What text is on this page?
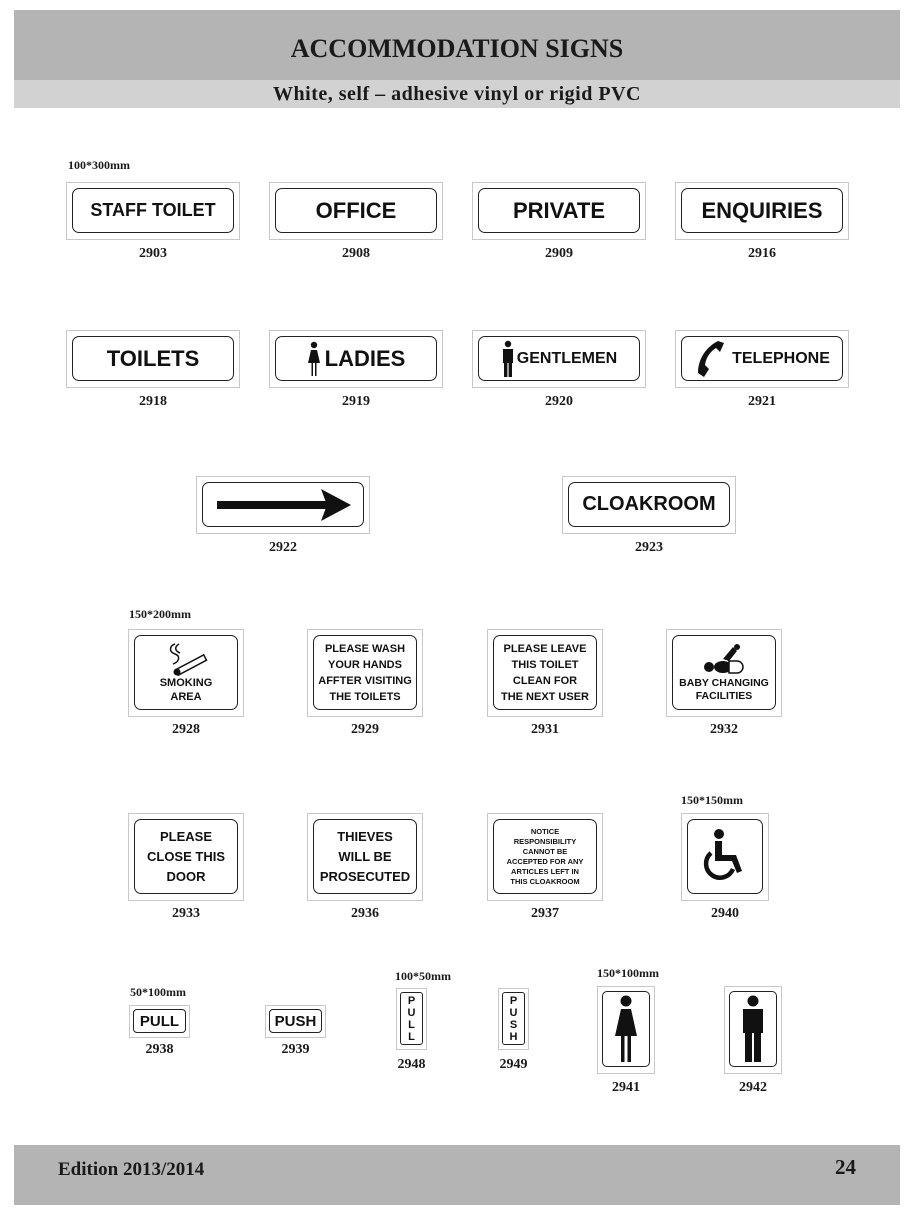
ACCOMMODATION SIGNS
White, self – adhesive vinyl or rigid PVC
100*300mm
STAFF TOILET
2903
OFFICE
2908
PRIVATE
2909
ENQUIRIES
2916
TOILETS
2918
LADIES
2919
GENTLEMEN
2920
TELEPHONE
2921
2922
CLOAKROOM
2923
150*200mm
SMOKING
AREA
2928
PLEASE WASH
YOUR HANDS
AFFTER VISITING
THE TOILETS
2929
PLEASE LEAVE
THIS TOILET
CLEAN FOR
THE NEXT USER
2931
BABY CHANGING
FACILITIES
2932
150*150mm
PLEASE
CLOSE THIS
DOOR
2933
THIEVES
WILL BE
PROSECUTED
2936
NOTICE
RESPONSIBILITY
CANNOT BE
ACCEPTED FOR ANY
ARTICLES LEFT IN
THIS CLOAKROOM
2937	2940
50*100mm
100*50mm	150*100mm
PULL
2938
PUSH
2939
P
U
L
L
2948
P
U
S
H
2949
2941	2942
Edition 2013/2014	24
